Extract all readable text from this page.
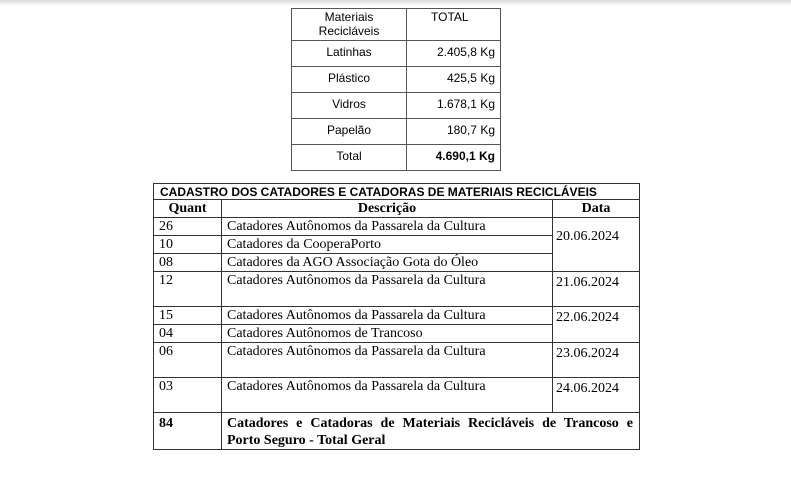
Materiais Recicláveis	TOTAL
Latinhas	2.405,8 Kg
Plástico	425,5 Kg
Vidros	1.678,1 Kg
Papelão	180,7 Kg
Total	4.690,1 Kg
CADASTRO DOS CATADORES E CATADORAS DE MATERIAIS RECICLÁVEIS		
Quant	Descrição	Data
26	Catadores Autônomos da Passarela da Cultura	20.06.2024

10	Catadores da CooperaPorto	
08	Catadores da AGO Associação Gota do Óleo	
12	Catadores Autônomos da Passarela da Cultura	21.06.2024

15	Catadores Autônomos da Passarela da Cultura	22.06.2024

04	Catadores Autônomos de Trancoso	
06	Catadores Autônomos da Passarela da Cultura	23.06.2024

03	Catadores Autônomos da Passarela da Cultura	24.06.2024

84	Catadores e Catadoras de Materiais Recicláveis de Trancoso e Porto Seguro - Total Geral	
